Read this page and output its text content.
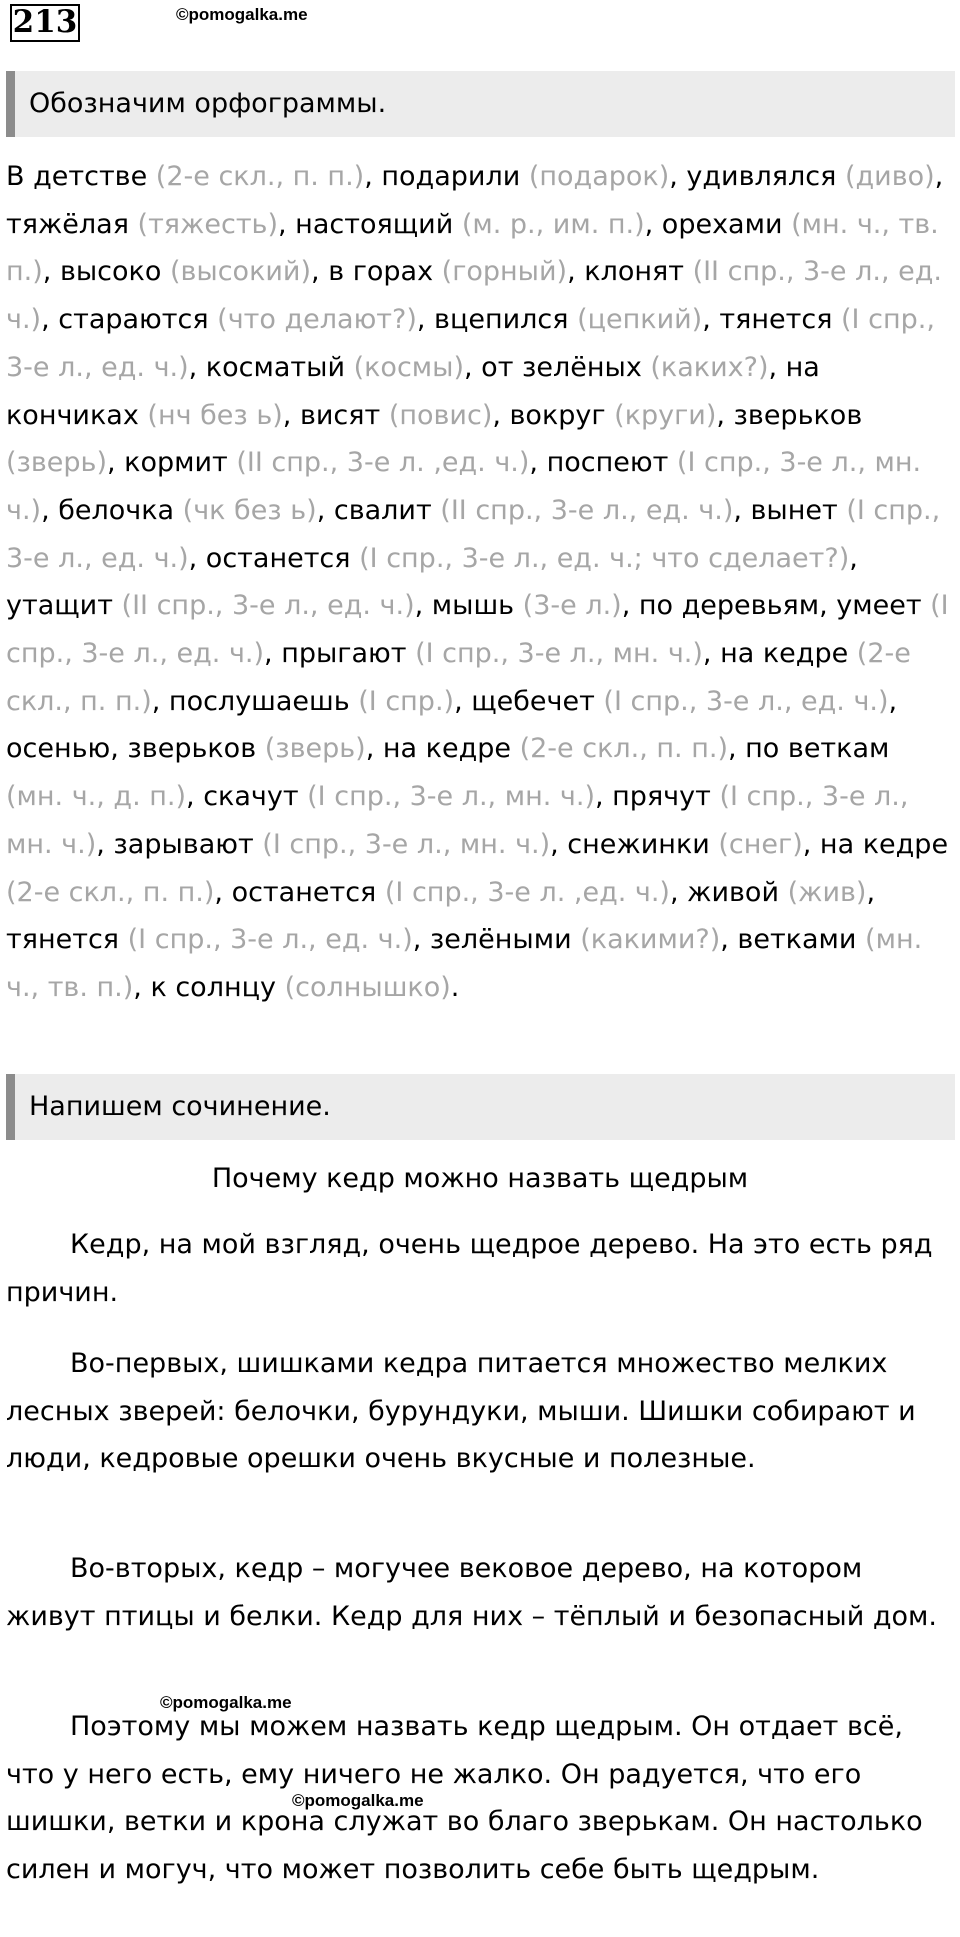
213	©pomogalka.me
Обозначим орфограммы.
В детстве (2-е скл., п. п.), подарили (подарок), удивлялся (диво), тяжёлая (тяжесть), настоящий (м. р., им. п.), орехами (мн. ч., тв. п.), высоко (высокий), в горах (горный), клонят (II спр., 3-е л., ед. ч.), стараются (что делают?), вцепился (цепкий), тянется (I спр., 3-е л., ед. ч.), косматый (космы), от зелёных (каких?), на кончиках (нч без ь), висят (повис), вокруг (круги), зверьков (зверь), кормит (II спр., 3-е л. ,ед. ч.), поспеют (I спр., 3-е л., мн. ч.), белочка (чк без ь), свалит (II спр., 3-е л., ед. ч.), вынет (I спр., 3-е л., ед. ч.), останется (I спр., 3-е л., ед. ч.; что сделает?), утащит (II спр., 3-е л., ед. ч.), мышь (3-е л.), по деревьям, умеет (I спр., 3-е л., ед. ч.), прыгают (I спр., 3-е л., мн. ч.), на кедре (2-е скл., п. п.), послушаешь (I спр.), щебечет (I спр., 3-е л., ед. ч.), осенью, зверьков (зверь), на кедре (2-е скл., п. п.), по веткам (мн. ч., д. п.), скачут (I спр., 3-е л., мн. ч.), прячут (I спр., 3-е л., мн. ч.), зарывают (I спр., 3-е л., мн. ч.), снежинки (снег), на кедре (2-е скл., п. п.), останется (I спр., 3-е л. ,ед. ч.), живой (жив), тянется (I спр., 3-е л., ед. ч.), зелёными (какими?), ветками (мн. ч., тв. п.), к солнцу (солнышко).
Напишем сочинение.
Почему кедр можно назвать щедрым

Кедр, на мой взгляд, очень щедрое дерево. На это есть ряд причин.

Во-первых, шишками кедра питается множество мелких лесных зверей: белочки, бурундуки, мыши. Шишки собирают и люди, кедровые орешки очень вкусные и полезные.

Во-вторых, кедр – могучее вековое дерево, на котором живут птицы и белки. Кедр для них – тёплый и безопасный дом.

Поэтому мы можем назвать кедр щедрым. Он отдает всё, что у него есть, ему ничего не жалко. Он радуется, что его шишки, ветки и крона служат во благо зверькам. Он настолько силен и могуч, что может позволить себе быть щедрым.

©pomogalka.me
©pomogalka.me
